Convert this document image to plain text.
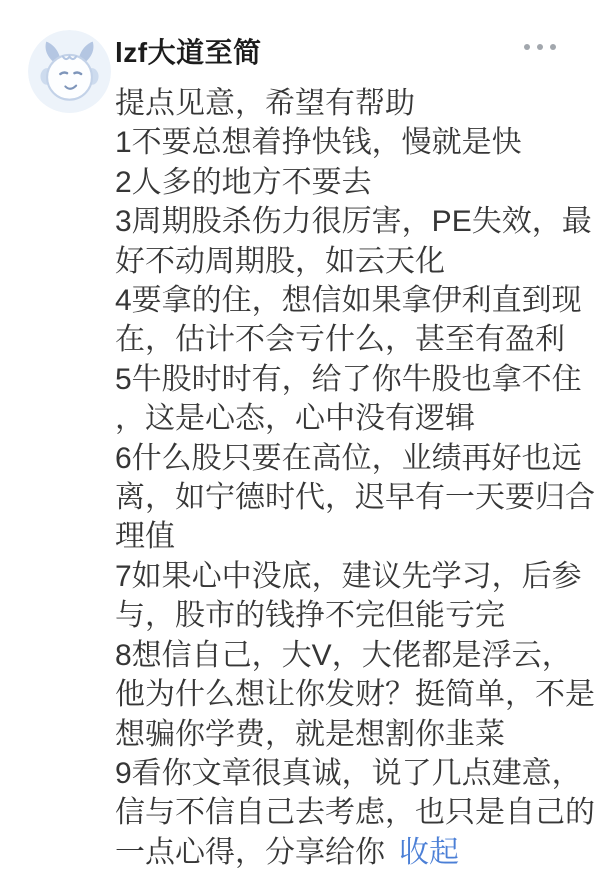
lzf大道至简
提点见意，希望有帮助
1不要总想着挣快钱，慢就是快
2人多的地方不要去
3周期股杀伤力很厉害，PE失效，最
好不动周期股，如云天化
4要拿的住，想信如果拿伊利直到现
在，估计不会亏什么，甚至有盈利
5牛股时时有，给了你牛股也拿不住
，这是心态，心中没有逻辑
6什么股只要在高位，业绩再好也远
离，如宁德时代，迟早有一天要归合
理值
7如果心中没底，建议先学习，后参
与，股市的钱挣不完但能亏完
8想信自己，大V，大佬都是浮云，
他为什么想让你发财？挺简单，不是
想骗你学费，就是想割你韭菜
9看你文章很真诚，说了几点建意，
信与不信自己去考虑，也只是自己的
一点心得，分享给你 收起
